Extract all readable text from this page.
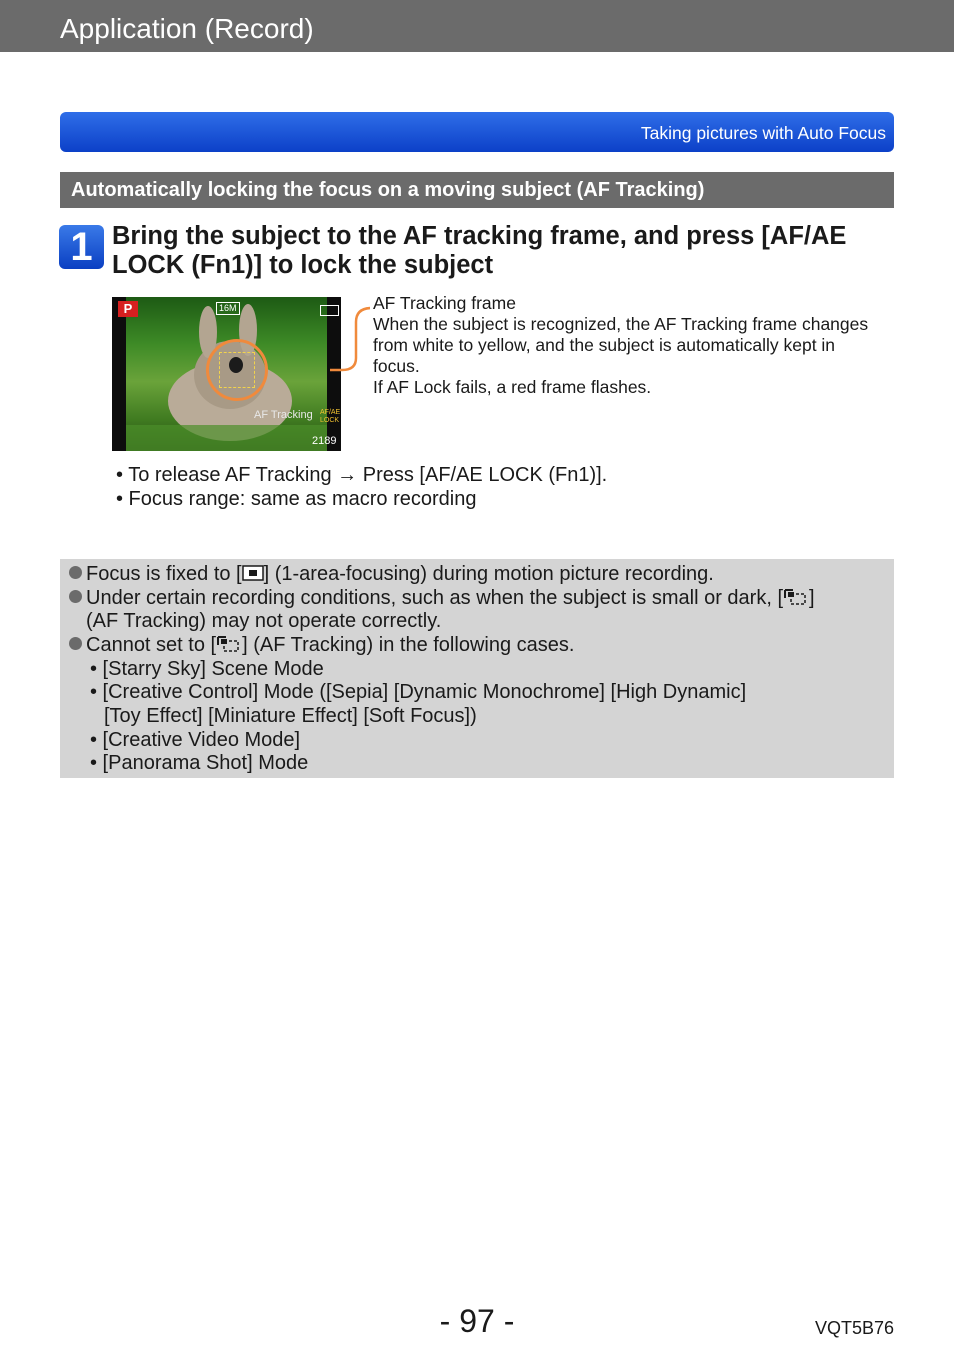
Application (Record)
Taking pictures with Auto Focus
Automatically locking the focus on a moving subject (AF Tracking)
1 Bring the subject to the AF tracking frame, and press [AF/AE LOCK (Fn1)] to lock the subject
P	16M
AF Tracking AF/AE
LOCK
2189
AF Tracking frame
When the subject is recognized, the AF Tracking frame changes
from white to yellow, and the subject is automatically kept in
focus.
If AF Lock fails, a red frame flashes.
• To release AF Tracking → Press [AF/AE LOCK (Fn1)].
• Focus range: same as macro recording
Focus is fixed to [ ] (1-area-focusing) during motion picture recording.
Under certain recording conditions, such as when the subject is small or dark, [ ]
(AF Tracking) may not operate correctly.
Cannot set to [ ] (AF Tracking) in the following cases.
• [Starry Sky] Scene Mode
• [Creative Control] Mode ([Sepia] [Dynamic Monochrome] [High Dynamic]
[Toy Effect] [Miniature Effect] [Soft Focus])
• [Creative Video Mode]
• [Panorama Shot] Mode
- 97 -	VQT5B76
